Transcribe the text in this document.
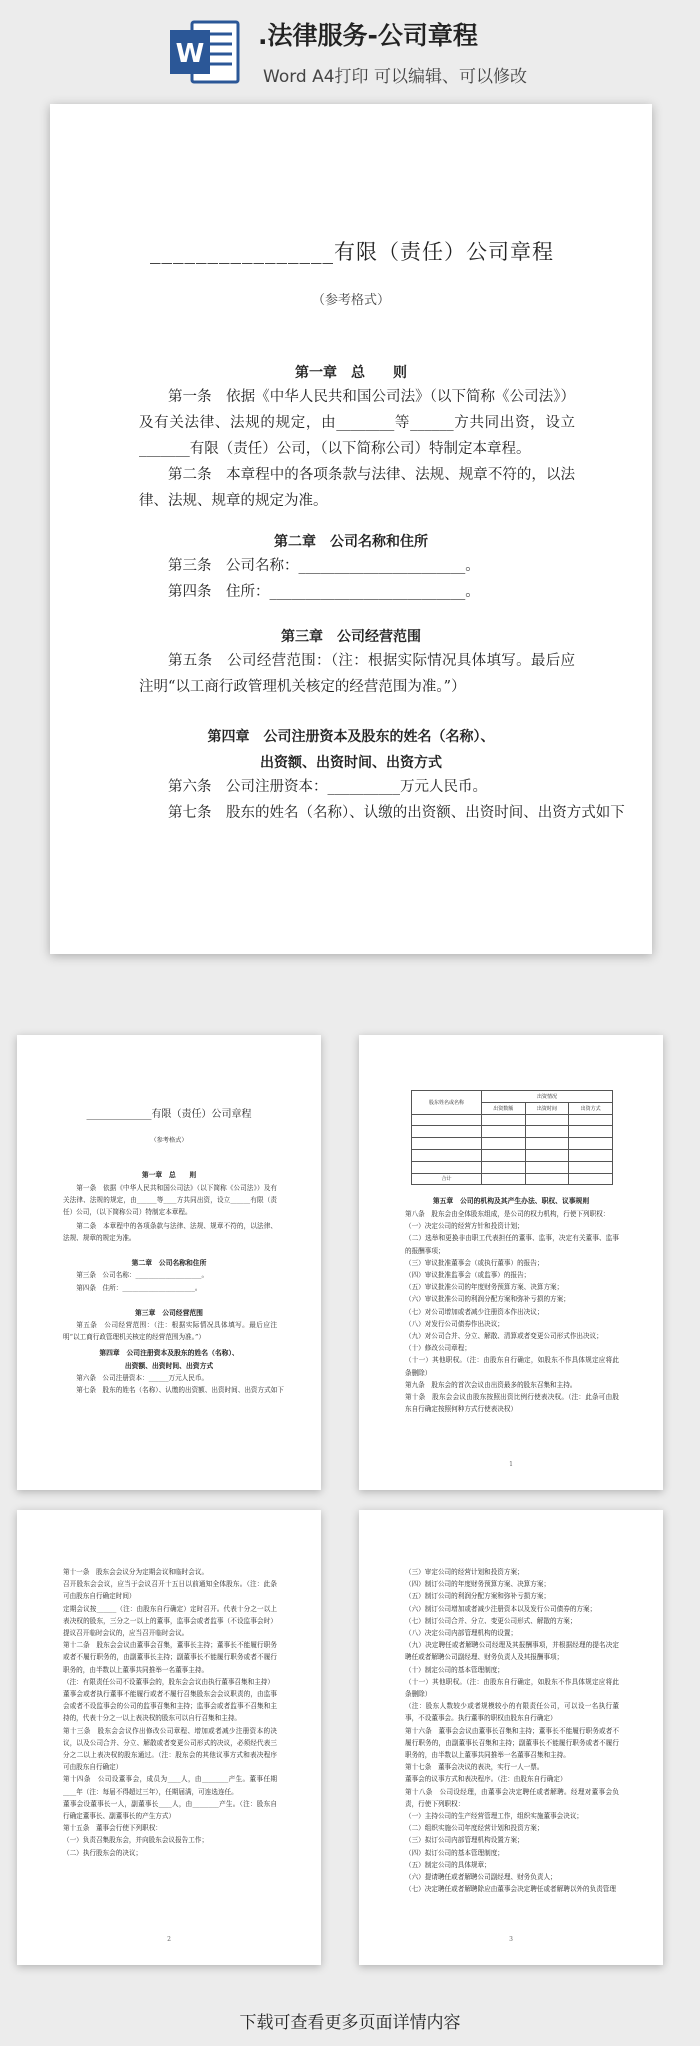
W
.法律服务-公司章程
Word A4打印 可以编辑、可以修改
________________有限（责任）公司章程
（参考格式）
第一章　总　　则
第一条　依据《中华人民共和国公司法》（以下简称《公司法》）及有关法律、法规的规定，由________等______方共同出资，设立_______有限（责任）公司，（以下简称公司）特制定本章程。
第二条　本章程中的各项条款与法律、法规、规章不符的，以法律、法规、规章的规定为准。
第二章　公司名称和住所
第三条　公司名称：_______________________。
第四条　住所：___________________________。
第三章　公司经营范围
第五条　公司经营范围：（注：根据实际情况具体填写。最后应注明“以工商行政管理机关核定的经营范围为准。”）
第四章　公司注册资本及股东的姓名（名称）、
出资额、出资时间、出资方式
第六条　公司注册资本：__________万元人民币。
第七条　股东的姓名（名称）、认缴的出资额、出资时间、出资方式如下
_____________有限（责任）公司章程
（参考格式）
第一章　总　　则
第一条　依据《中华人民共和国公司法》（以下简称《公司法》）及有关法律、法规的规定，由______等____方共同出资，设立______有限（责任）公司，（以下简称公司）特制定本章程。
第二条　本章程中的各项条款与法律、法规、规章不符的，以法律、法规、规章的规定为准。
第二章　公司名称和住所
第三条　公司名称：____________________。
第四条　住所：______________________。
第三章　公司经营范围
第五条　公司经营范围：（注：根据实际情况具体填写。最后应注明“以工商行政管理机关核定的经营范围为准。”）
第四章　公司注册资本及股东的姓名（名称）、
出资额、出资时间、出资方式
第六条　公司注册资本：______万元人民币。
第七条　股东的姓名（名称）、认缴的出资额、出资时间、出资方式如下
股东姓名或名称	出资情况		
	出资数额	出资时间	出资方式

合计			
第五章　公司的机构及其产生办法、职权、议事规则
第八条　股东会由全体股东组成，是公司的权力机构，行使下列职权：
（一）决定公司的经营方针和投资计划；
（二）选举和更换非由职工代表担任的董事、监事，决定有关董事、监事的报酬事项；
（三）审议批准董事会（或执行董事）的报告；
（四）审议批准监事会（或监事）的报告；
（五）审议批准公司的年度财务预算方案、决算方案；
（六）审议批准公司的利润分配方案和弥补亏损的方案；
（七）对公司增加或者减少注册资本作出决议；
（八）对发行公司债券作出决议；
（九）对公司合并、分立、解散、清算或者变更公司形式作出决议；
（十）修改公司章程；
（十一）其他职权。（注：由股东自行确定，如股东不作具体规定应将此条删除）
第九条　股东会的首次会议由出资最多的股东召集和主持。
第十条　股东会会议由股东按照出资比例行使表决权。（注：此条可由股东自行确定按照何种方式行使表决权）
1
第十一条　股东会会议分为定期会议和临时会议。
召开股东会会议，应当于会议召开十五日以前通知全体股东。（注：此条可由股东自行确定时间）
定期会议按______（注：由股东自行确定）定时召开。代表十分之一以上表决权的股东，三分之一以上的董事，监事会或者监事（不设监事会时）提议召开临时会议的，应当召开临时会议。
第十二条　股东会会议由董事会召集，董事长主持；董事长不能履行职务或者不履行职务的，由副董事长主持；副董事长不能履行职务或者不履行职务的，由半数以上董事共同推举一名董事主持。
（注：有限责任公司不设董事会的，股东会会议由执行董事召集和主持）
董事会或者执行董事不能履行或者不履行召集股东会会议职责的，由监事会或者不设监事会的公司的监事召集和主持；监事会或者监事不召集和主持的，代表十分之一以上表决权的股东可以自行召集和主持。
第十三条　股东会会议作出修改公司章程、增加或者减少注册资本的决议，以及公司合并、分立、解散或者变更公司形式的决议，必须经代表三分之二以上表决权的股东通过。（注：股东会的其他议事方式和表决程序可由股东自行确定）
第十四条　公司设董事会，成员为____人，由________产生。董事任期____年（注：每届不得超过三年），任期届满，可连选连任。
董事会设董事长一人，副董事长____人，由________产生。（注：股东自行确定董事长、副董事长的产生方式）
第十五条　董事会行使下列职权：
（一）负责召集股东会，并向股东会议报告工作；
（二）执行股东会的决议；
2
（三）审定公司的经营计划和投资方案；
（四）制订公司的年度财务预算方案、决算方案；
（五）制订公司的利润分配方案和弥补亏损方案；
（六）制订公司增加或者减少注册资本以及发行公司债券的方案；
（七）制订公司合并、分立、变更公司形式、解散的方案；
（八）决定公司内部管理机构的设置；
（九）决定聘任或者解聘公司经理及其报酬事项，并根据经理的提名决定聘任或者解聘公司副经理、财务负责人及其报酬事项；
（十）制定公司的基本管理制度；
（十一）其他职权。（注：由股东自行确定，如股东不作具体规定应将此条删除）
（注：股东人数较少或者规模较小的有限责任公司，可以设一名执行董事，不设董事会。执行董事的职权由股东自行确定）
第十六条　董事会会议由董事长召集和主持；董事长不能履行职务或者不履行职务的，由副董事长召集和主持；副董事长不能履行职务或者不履行职务的，由半数以上董事共同推举一名董事召集和主持。
第十七条　董事会决议的表决，实行一人一票。
董事会的议事方式和表决程序。（注：由股东自行确定）
第十八条　公司设经理，由董事会决定聘任或者解聘。经理对董事会负责，行使下列职权：
（一）主持公司的生产经营管理工作，组织实施董事会决议；
（二）组织实施公司年度经营计划和投资方案；
（三）拟订公司内部管理机构设置方案；
（四）拟订公司的基本管理制度；
（五）制定公司的具体规章；
（六）提请聘任或者解聘公司副经理、财务负责人；
（七）决定聘任或者解聘除应由董事会决定聘任或者解聘以外的负责管理
3
下载可查看更多页面详情内容
